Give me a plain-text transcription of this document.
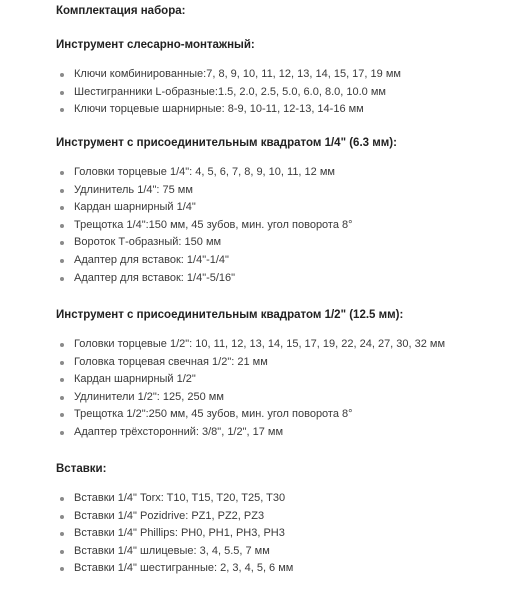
Комплектация набора:

Инструмент слесарно-монтажный:

Ключи комбинированные:7, 8, 9, 10, 11, 12, 13, 14, 15, 17, 19 мм
Шестигранники L-образные:1.5, 2.0, 2.5, 5.0, 6.0, 8.0, 10.0 мм
Ключи торцевые шарнирные: 8-9, 10-11, 12-13, 14-16 мм

Инструмент с присоединительным квадратом 1/4" (6.3 мм):

Головки торцевые 1/4": 4, 5, 6, 7, 8, 9, 10, 11, 12 мм
Удлинитель 1/4": 75 мм
Кардан шарнирный 1/4"
Трещотка 1/4":150 мм, 45 зубов, мин. угол поворота 8°
Вороток Т-образный: 150 мм
Адаптер для вставок: 1/4"-1/4"
Адаптер для вставок: 1/4"-5/16"

Инструмент с присоединительным квадратом 1/2" (12.5 мм):

Головки торцевые 1/2": 10, 11, 12, 13, 14, 15, 17, 19, 22, 24, 27, 30, 32 мм
Головка торцевая свечная 1/2": 21 мм
Кардан шарнирный 1/2"
Удлинители 1/2": 125, 250 мм
Трещотка 1/2":250 мм, 45 зубов, мин. угол поворота 8°
Адаптер трёхсторонний: 3/8", 1/2", 17 мм

Вставки:

Вставки 1/4" Torx: T10, T15, T20, T25, T30
Вставки 1/4" Pozidrive: PZ1, PZ2, PZ3
Вставки 1/4" Phillips: PH0, PH1, PH3, PH3
Вставки 1/4" шлицевые: 3, 4, 5.5, 7 мм
Вставки 1/4" шестигранные: 2, 3, 4, 5, 6 мм
